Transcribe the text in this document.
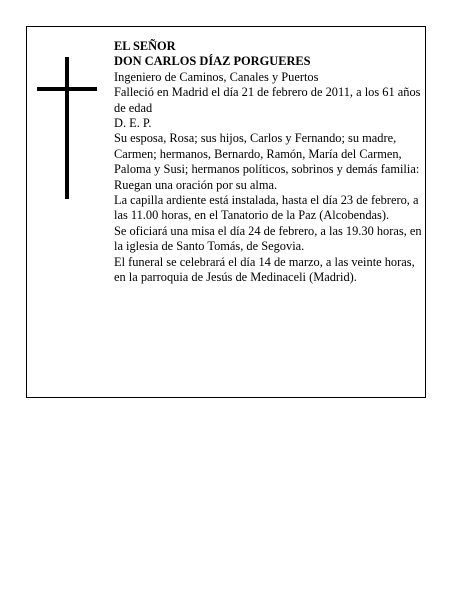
EL SEÑOR

DON CARLOS DÍAZ PORGUERES

Ingeniero de Caminos, Canales y Puertos

Falleció en Madrid el día 21 de febrero de 2011, a los 61 años de edad

D. E. P.

Su esposa, Rosa; sus hijos, Carlos y Fernando; su madre, Carmen; hermanos, Bernardo, Ramón, María del Carmen, Paloma y Susi; hermanos políticos, sobrinos y demás familia:

Ruegan una oración por su alma.

La capilla ardiente está instalada, hasta el día 23 de febrero, a las 11.00 horas, en el Tanatorio de la Paz (Alcobendas).

Se oficiará una misa el día 24 de febrero, a las 19.30 horas, en la iglesia de Santo Tomás, de Segovia.

El funeral se celebrará el día 14 de marzo, a las veinte horas, en la parroquia de Jesús de Medinaceli (Madrid).
